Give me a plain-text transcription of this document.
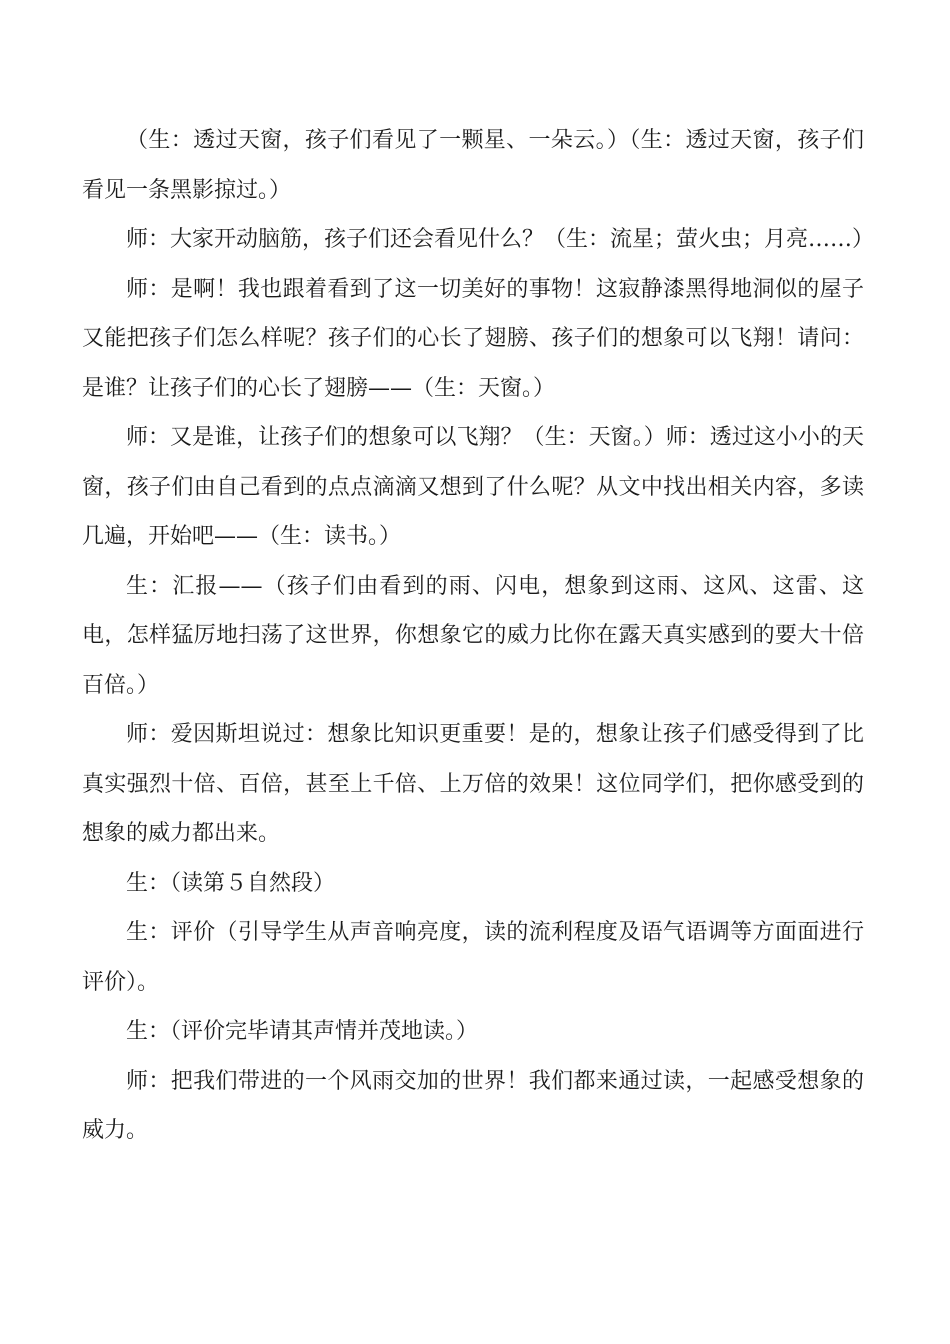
（生：透过天窗，孩子们看见了一颗星、一朵云。）（生：透过天窗，孩子们看见一条黑影掠过。）

师：大家开动脑筋，孩子们还会看见什么？（生：流星；萤火虫；月亮……）

师：是啊！我也跟着看到了这一切美好的事物！这寂静漆黑得地洞似的屋子又能把孩子们怎么样呢？孩子们的心长了翅膀、孩子们的想象可以飞翔！请问：是谁？让孩子们的心长了翅膀——（生：天窗。）

师：又是谁，让孩子们的想象可以飞翔？（生：天窗。）师：透过这小小的天窗，孩子们由自己看到的点点滴滴又想到了什么呢？从文中找出相关内容，多读几遍，开始吧——（生：读书。）

生：汇报——（孩子们由看到的雨、闪电，想象到这雨、这风、这雷、这电，怎样猛厉地扫荡了这世界，你想象它的威力比你在露天真实感到的要大十倍百倍。）

师：爱因斯坦说过：想象比知识更重要！是的，想象让孩子们感受得到了比真实强烈十倍、百倍，甚至上千倍、上万倍的效果！这位同学们，把你感受到的想象的威力都出来。

生：（读第５自然段）

生：评价（引导学生从声音响亮度，读的流利程度及语气语调等方面面进行评价）。

生：（评价完毕请其声情并茂地读。）

师：把我们带进的一个风雨交加的世界！我们都来通过读，一起感受想象的威力。
